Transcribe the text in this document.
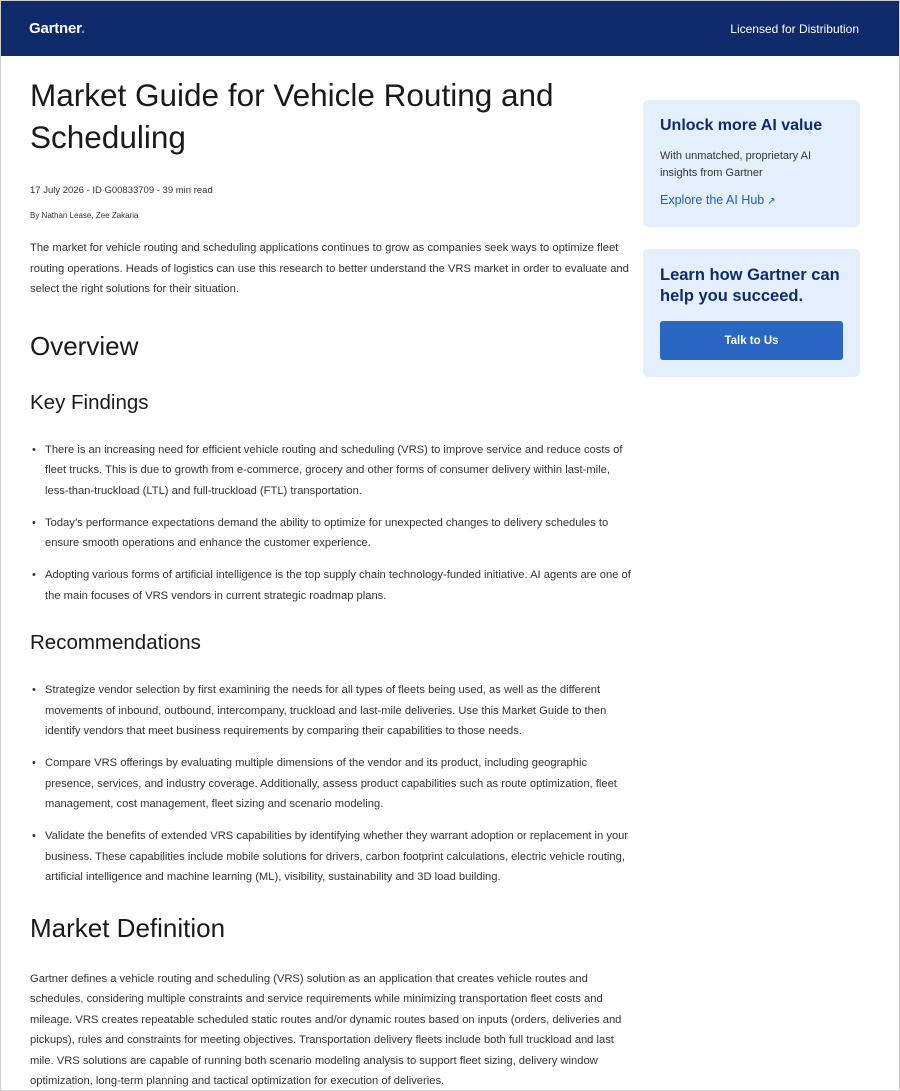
Gartner.	Licensed for Distribution
Market Guide for Vehicle Routing and Scheduling
17 July 2026 - ID G00833709 - 39 min read
By Nathan Lease, Zee Zakaria

The market for vehicle routing and scheduling applications continues to grow as companies seek ways to optimize fleet routing operations. Heads of logistics can use this research to better understand the VRS market in order to evaluate and select the right solutions for their situation.

Overview
Key Findings
• There is an increasing need for efficient vehicle routing and scheduling (VRS) to improve service and reduce costs of fleet trucks. This is due to growth from e-commerce, grocery and other forms of consumer delivery within last-mile, less-than-truckload (LTL) and full-truckload (FTL) transportation.
• Today’s performance expectations demand the ability to optimize for unexpected changes to delivery schedules to ensure smooth operations and enhance the customer experience.
• Adopting various forms of artificial intelligence is the top supply chain technology-funded initiative. AI agents are one of the main focuses of VRS vendors in current strategic roadmap plans.
Recommendations
• Strategize vendor selection by first examining the needs for all types of fleets being used, as well as the different movements of inbound, outbound, intercompany, truckload and last-mile deliveries. Use this Market Guide to then identify vendors that meet business requirements by comparing their capabilities to those needs.
• Compare VRS offerings by evaluating multiple dimensions of the vendor and its product, including geographic presence, services, and industry coverage. Additionally, assess product capabilities such as route optimization, fleet management, cost management, fleet sizing and scenario modeling.
• Validate the benefits of extended VRS capabilities by identifying whether they warrant adoption or replacement in your business. These capabilities include mobile solutions for drivers, carbon footprint calculations, electric vehicle routing, artificial intelligence and machine learning (ML), visibility, sustainability and 3D load building.
Market Definition

Gartner defines a vehicle routing and scheduling (VRS) solution as an application that creates vehicle routes and schedules, considering multiple constraints and service requirements while minimizing transportation fleet costs and mileage. VRS creates repeatable scheduled static routes and/or dynamic routes based on inputs (orders, deliveries and pickups), rules and constraints for meeting objectives. Transportation delivery fleets include both full truckload and last mile. VRS solutions are capable of running both scenario modeling analysis to support fleet sizing, delivery window optimization, long-term planning and tactical optimization for execution of deliveries.

Unlock more AI value
With unmatched, proprietary AI insights from Gartner
Explore the AI Hub ↗
Learn how Gartner can help you succeed.
Talk to Us
